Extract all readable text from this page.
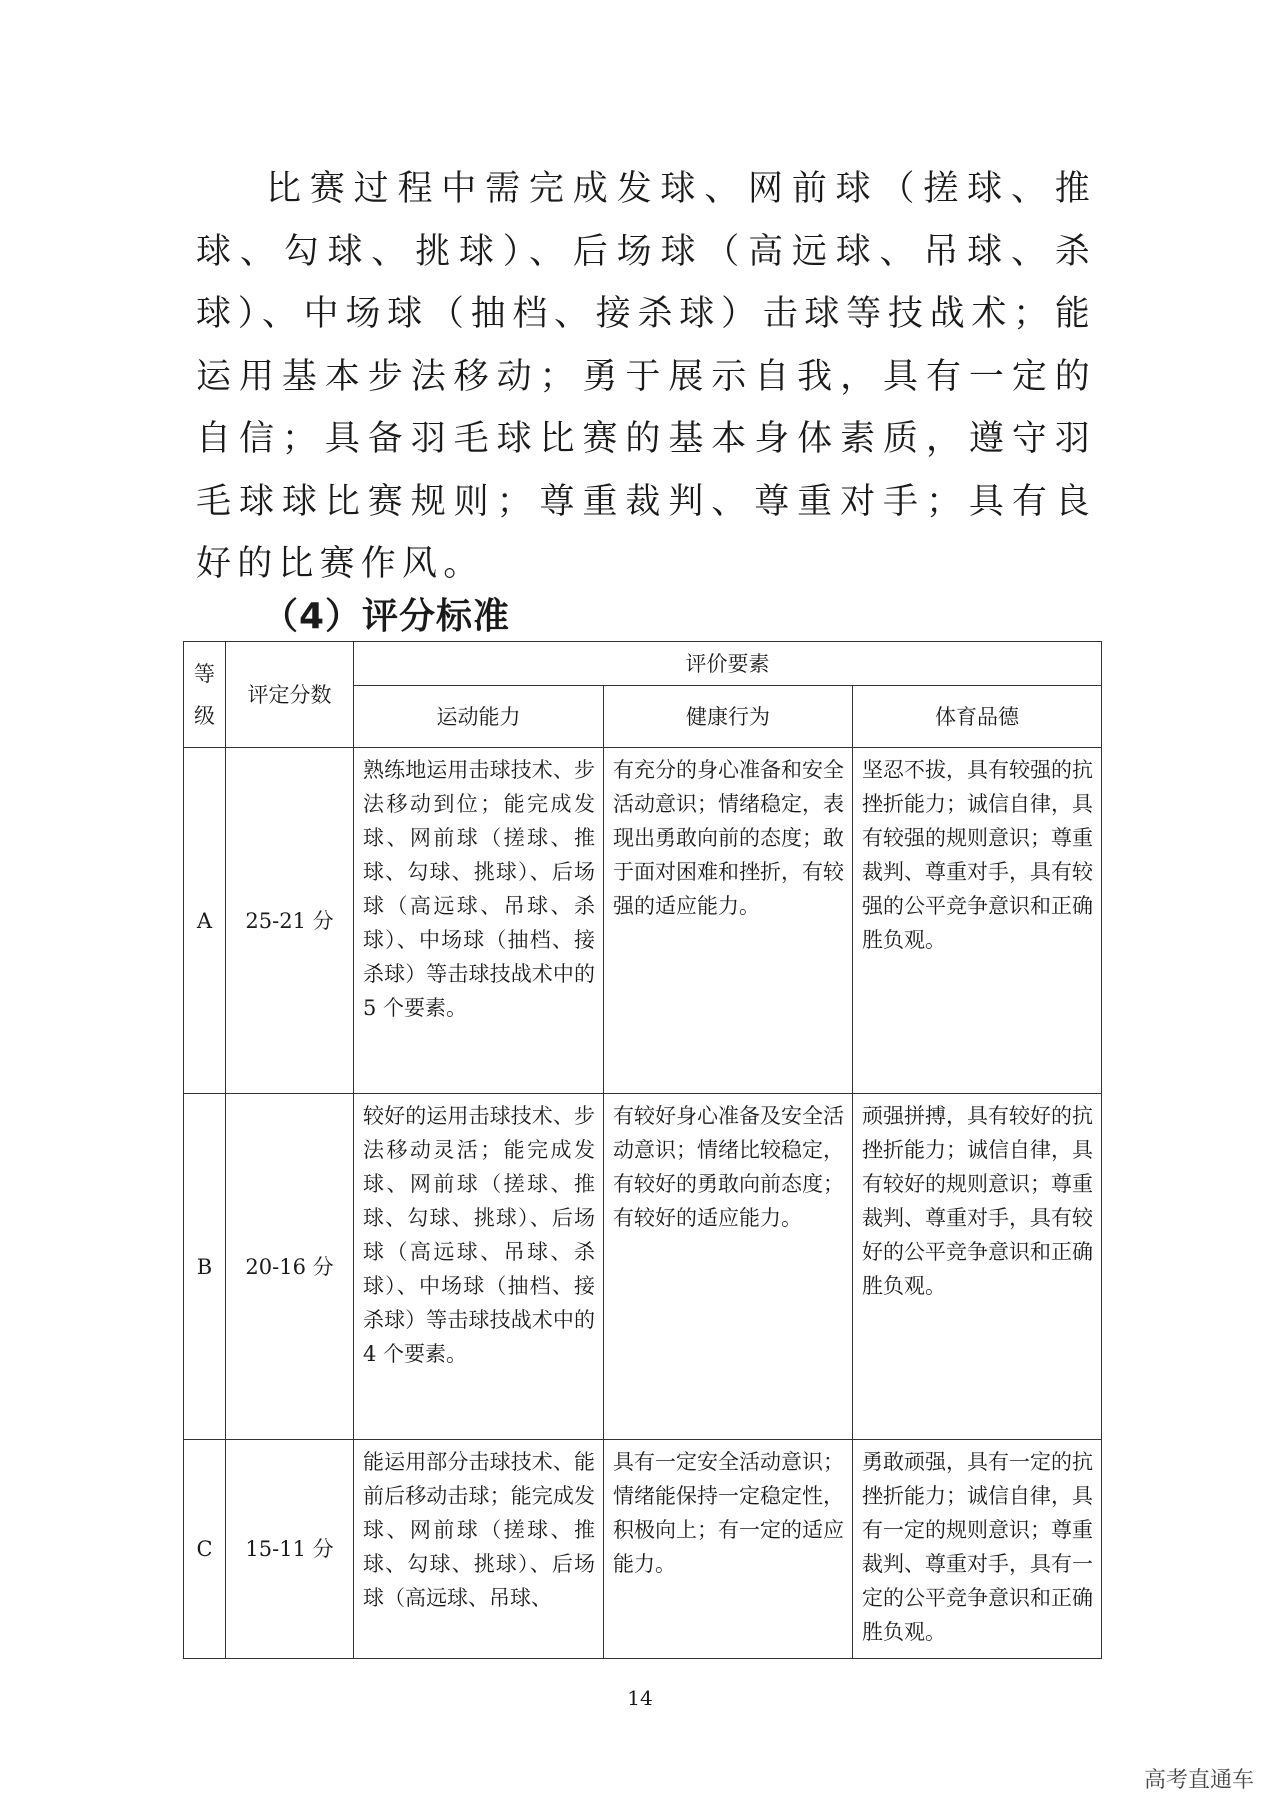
比赛过程中需完成发球、网前球（搓球、推球、勾球、挑球）、后场球（高远球、吊球、杀球）、中场球（抽档、接杀球）击球等技战术；能运用基本步法移动；勇于展示自我，具有一定的自信；具备羽毛球比赛的基本身体素质，遵守羽毛球球比赛规则；尊重裁判、尊重对手；具有良好的比赛作风。

（4）评分标准
等级	评定分数	评价要素		
		运动能力	健康行为	体育品德
A	25-21 分	熟练地运用击球技术、步法移动到位；能完成发球、网前球（搓球、推球、勾球、挑球）、后场球（高远球、吊球、杀球）、中场球（抽档、接杀球）等击球技战术中的 5 个要素。	有充分的身心准备和安全活动意识；情绪稳定，表现出勇敢向前的态度；敢于面对困难和挫折，有较强的适应能力。	坚忍不拔，具有较强的抗挫折能力；诚信自律，具有较强的规则意识；尊重裁判、尊重对手，具有较强的公平竞争意识和正确胜负观。
B	20-16 分	较好的运用击球技术、步法移动灵活；能完成发球、网前球（搓球、推球、勾球、挑球）、后场球（高远球、吊球、杀球）、中场球（抽档、接杀球）等击球技战术中的 4 个要素。	有较好身心准备及安全活动意识；情绪比较稳定，有较好的勇敢向前态度；有较好的适应能力。	顽强拼搏，具有较好的抗挫折能力；诚信自律，具有较好的规则意识；尊重裁判、尊重对手，具有较好的公平竞争意识和正确胜负观。
C	15-11 分	能运用部分击球技术、能前后移动击球；能完成发球、网前球（搓球、推球、勾球、挑球）、后场球（高远球、吊球、	具有一定安全活动意识；情绪能保持一定稳定性，积极向上；有一定的适应能力。	勇敢顽强，具有一定的抗挫折能力；诚信自律，具有一定的规则意识；尊重裁判、尊重对手，具有一定的公平竞争意识和正确胜负观。

14

高考直通车
